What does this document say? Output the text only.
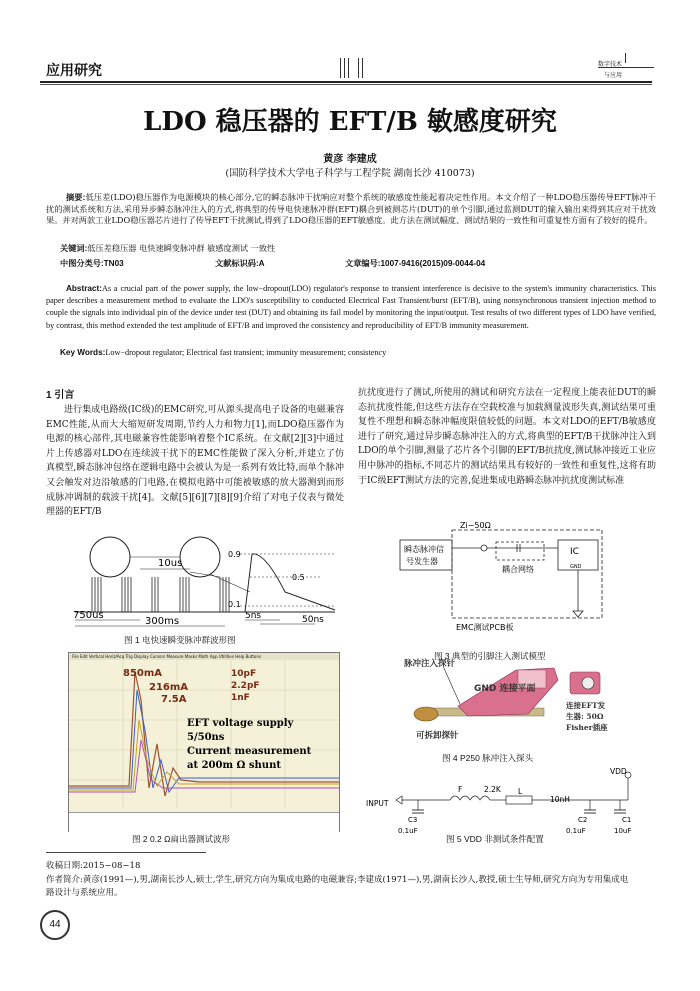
应用研究	数字技术
与应用
LDO 稳压器的 EFT/B 敏感度研究
黄彦 李建成
(国防科学技术大学电子科学与工程学院 湖南长沙 410073)
摘要:低压差(LDO)稳压器作为电源模块的核心部分,它的瞬态脉冲干扰响应对整个系统的敏感度性能起着决定性作用。本文介绍了一种LDO稳压器传导EFT脉冲干扰的测试系统和方法,采用异步瞬态脉冲注入的方式,将典型的传导电快速脉冲群(EFT)耦合到被测芯片(DUT)的单个引脚,通过监测DUT的输入输出来得到其应对干扰效果。并对两款工业LDO稳压器芯片进行了传导EFT干扰测试,得到了LDO稳压器的EFT敏感度。此方法在测试幅度、测试结果的一致性和可重复性方面有了较好的提升。
关键词:低压差稳压器 电快速瞬变脉冲群 敏感度测试 一致性
中图分类号:TN03	文献标识码:A	文章编号:1007-9416(2015)09-0044-04
Abstract:As a crucial part of the power supply, the low−dropout(LDO) regulator's response to transient interference is decisive to the system's immunity characteristics. This paper describes a measurement method to evaluate the LDO's susceptibility to conducted Electrical Fast Transient/burst (EFT/B), using nonsynchronous transient injection method to couple the signals into individual pin of the device under test (DUT) and obtaining its fail model by monitoring the input/output. Test results of two different types of LDO have verified, by contrast, this method extended the test amplitude of EFT/B and improved the consistency and reproducibility of EFT/B immunity measurement.
Key Words:Low−dropout regulator; Electrical fast transient; immunity measurement; consistency
1 引言
进行集成电路级(IC级)的EMC研究,可从源头提高电子设备的电磁兼容EMC性能,从而大大缩短研发周期,节约人力和物力[1],而LDO稳压器作为电源的核心部件,其电磁兼容性能影响着整个IC系统。在文献[2][3]中通过片上传感器对LDO在连续波干扰下的EMC性能做了深入分析,并建立了仿真模型,瞬态脉冲包络在逻辑电路中会被认为是一系列有效比特,而单个脉冲又会触发对边沿敏感的门电路,在模拟电路中可能被敏感的放大器测到而形成脉冲调制的载波干扰[4]。文献[5][6][7][8][9]介绍了对电子仪表与微处理器的EFT/B
抗扰度进行了测试,所使用的测试和研究方法在一定程度上能表征DUT的瞬态抗扰度性能,但这些方法存在空载校准与加载测量波形失真,测试结果可重复性不理想和瞬态脉冲幅度限值较低的问题。本文对LDO的EFT/B敏感度进行了研究,通过异步瞬态脉冲注入的方式,将典型的EFT/B干扰脉冲注入到LDO的单个引脚,测量了芯片各个引脚的EFT/B抗扰度,测试脉冲接近工业应用中脉冲的指标,不同芯片的测试结果具有较好的一致性和重复性,这将有助于IC级EFT测试方法的完善,促进集成电路瞬态脉冲抗扰度测试标准
10us
750us
300ms
0.9
0.5
0.1
5ns	50ns
图 1 电快速瞬变脉冲群波形图
File Edit Vertical Horiz/Acq Trig Display Cursors Measure Masks Math App Utilities Help Buttons
850mA
216mA
7.5A
10pF
2.2pF
1nF
EFT voltage supply
5/50ns
Current measurement
at 200m Ω shunt
图 2 0.2 Ω扁出器测试波形
Zi−50Ω
瞬态脉冲信
号发生器
耦合网络
IC
GND
EMC测试PCB板
图 3 典型的引脚注入测试模型
脉冲注入探针
GND 连接平面
可拆卸探针
连接EFT发
生器: 50Ω
Fisher插座
图 4 P250 脉冲注入探头
VDD
F	2.2K L
10nH
INPUT
C3
0.1uF
C2
0.1uF
C1
10uF
图 5 VDD 非测试条件配置
收稿日期:2015−08−18
作者简介:黄彦(1991—),男,湖南长沙人,硕士,学生,研究方向为集成电路的电磁兼容;李建成(1971—),男,湖南长沙人,教授,硕士生导师,研究方向为专用集成电路设计与系统应用。
44
